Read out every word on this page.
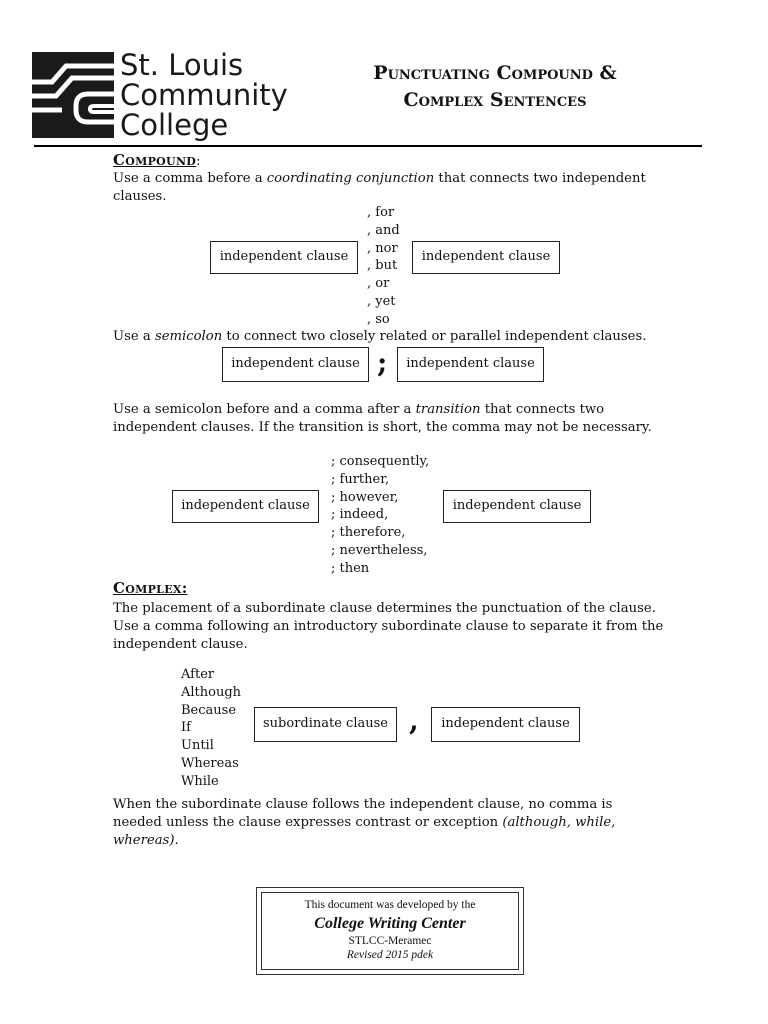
St. Louis
Community
College
Punctuating Compound &
Complex Sentences
Compound:
Use a comma before a coordinating conjunction that connects two independent
clauses.
, for
, and
, nor
, but
, or
, yet
, so
independent clause	independent clause
Use a semicolon to connect two closely related or parallel independent clauses.
independent clause ;	independent clause
Use a semicolon before and a comma after a transition that connects two
independent clauses. If the transition is short, the comma may not be necessary.
; consequently,
; further,
; however,
; indeed,
; therefore,
; nevertheless,
; then
independent clause	independent clause
Complex:
The placement of a subordinate clause determines the punctuation of the clause.
Use a comma following an introductory subordinate clause to separate it from the
independent clause.
After
Although
Because
If
Until
Whereas
While
subordinate clause ,	independent clause
When the subordinate clause follows the independent clause, no comma is
needed unless the clause expresses contrast or exception (although, while,
whereas).
This document was developed by the
College Writing Center
STLCC-Meramec
Revised 2015 pdek
